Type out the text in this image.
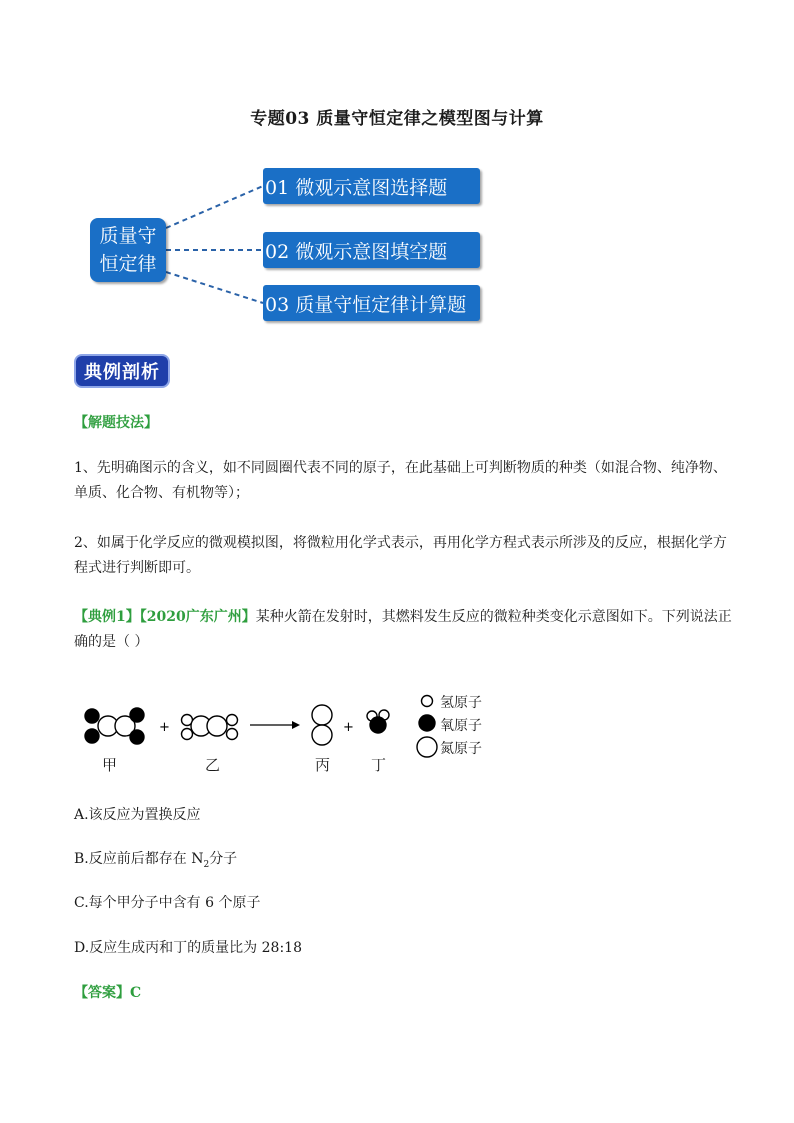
专题03 质量守恒定律之模型图与计算
质量守
恒定律
01 微观示意图选择题
02 微观示意图填空题
03 质量守恒定律计算题
典例剖析
【解题技法】
1、先明确图示的含义，如不同圆圈代表不同的原子，在此基础上可判断物质的种类（如混合物、纯净物、单质、化合物、有机物等）；
2、如属于化学反应的微观模拟图，将微粒用化学式表示，再用化学方程式表示所涉及的反应，根据化学方程式进行判断即可。
【典例1】【2020广东广州】某种火箭在发射时，其燃料发生反应的微粒种类变化示意图如下。下列说法正确的是（ ）
+	+
氢原子
氧原子
氮原子
甲	乙	丙	丁
A.该反应为置换反应
B.反应前后都存在 $N_2$分子
C.每个甲分子中含有 6 个原子
D.反应生成丙和丁的质量比为 28:18
【答案】C
